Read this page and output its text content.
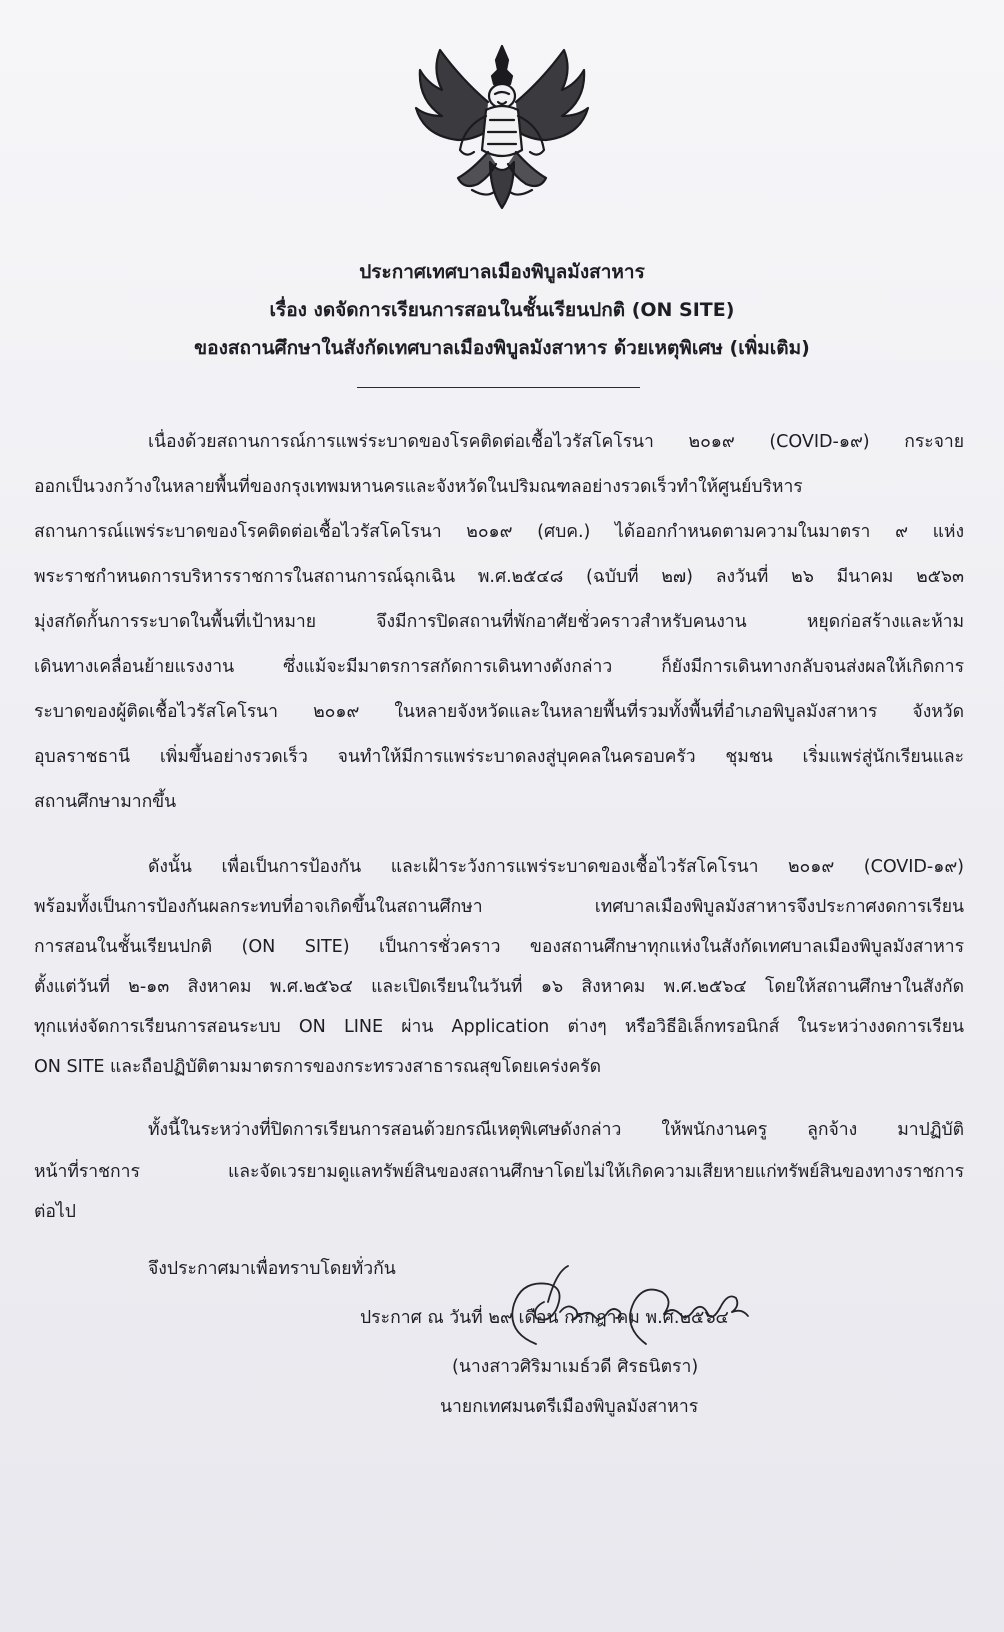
ประกาศเทศบาลเมืองพิบูลมังสาหาร
เรื่อง งดจัดการเรียนการสอนในชั้นเรียนปกติ (ON SITE)
ของสถานศึกษาในสังกัดเทศบาลเมืองพิบูลมังสาหาร ด้วยเหตุพิเศษ (เพิ่มเติม)
เนื่องด้วยสถานการณ์การแพร่ระบาดของโรคติดต่อเชื้อไวรัสโคโรนา ๒๐๑๙ (COVID-๑๙) กระจาย
ออกเป็นวงกว้างในหลายพื้นที่ของกรุงเทพมหานครและจังหวัดในปริมณฑลอย่างรวดเร็วทำให้ศูนย์บริหาร
สถานการณ์แพร่ระบาดของโรคติดต่อเชื้อไวรัสโคโรนา ๒๐๑๙ (ศบค.) ได้ออกกำหนดตามความในมาตรา ๙ แห่ง
พระราชกำหนดการบริหารราชการในสถานการณ์ฉุกเฉิน พ.ศ.๒๕๔๘ (ฉบับที่ ๒๗) ลงวันที่ ๒๖ มีนาคม ๒๕๖๓
มุ่งสกัดกั้นการระบาดในพื้นที่เป้าหมาย จึงมีการปิดสถานที่พักอาศัยชั่วคราวสำหรับคนงาน หยุดก่อสร้างและห้าม
เดินทางเคลื่อนย้ายแรงงาน ซึ่งแม้จะมีมาตรการสกัดการเดินทางดังกล่าว ก็ยังมีการเดินทางกลับจนส่งผลให้เกิดการ
ระบาดของผู้ติดเชื้อไวรัสโคโรนา ๒๐๑๙ ในหลายจังหวัดและในหลายพื้นที่รวมทั้งพื้นที่อำเภอพิบูลมังสาหาร จังหวัด
อุบลราชธานี เพิ่มขึ้นอย่างรวดเร็ว จนทำให้มีการแพร่ระบาดลงสู่บุคคลในครอบครัว ชุมชน เริ่มแพร่สู่นักเรียนและ
สถานศึกษามากขึ้น
ดังนั้น เพื่อเป็นการป้องกัน และเฝ้าระวังการแพร่ระบาดของเชื้อไวรัสโคโรนา ๒๐๑๙ (COVID-๑๙)
พร้อมทั้งเป็นการป้องกันผลกระทบที่อาจเกิดขึ้นในสถานศึกษา เทศบาลเมืองพิบูลมังสาหารจึงประกาศงดการเรียน
การสอนในชั้นเรียนปกติ (ON SITE) เป็นการชั่วคราว ของสถานศึกษาทุกแห่งในสังกัดเทศบาลเมืองพิบูลมังสาหาร
ตั้งแต่วันที่ ๒-๑๓ สิงหาคม พ.ศ.๒๕๖๔ และเปิดเรียนในวันที่ ๑๖ สิงหาคม พ.ศ.๒๕๖๔ โดยให้สถานศึกษาในสังกัด
ทุกแห่งจัดการเรียนการสอนระบบ ON LINE ผ่าน Application ต่างๆ หรือวิธีอิเล็กทรอนิกส์ ในระหว่างงดการเรียน
ON SITE และถือปฏิบัติตามมาตรการของกระทรวงสาธารณสุขโดยเคร่งครัด
ทั้งนี้ในระหว่างที่ปิดการเรียนการสอนด้วยกรณีเหตุพิเศษดังกล่าว ให้พนักงานครู ลูกจ้าง มาปฏิบัติ
หน้าที่ราชการ และจัดเวรยามดูแลทรัพย์สินของสถานศึกษาโดยไม่ให้เกิดความเสียหายแก่ทรัพย์สินของทางราชการ
ต่อไป
จึงประกาศมาเพื่อทราบโดยทั่วกัน
ประกาศ ณ วันที่ ๒๙ เดือน กรกฎาคม พ.ศ.๒๕๖๔
(นางสาวศิริมาเมธ์วดี ศิรธนิตรา)
นายกเทศมนตรีเมืองพิบูลมังสาหาร
